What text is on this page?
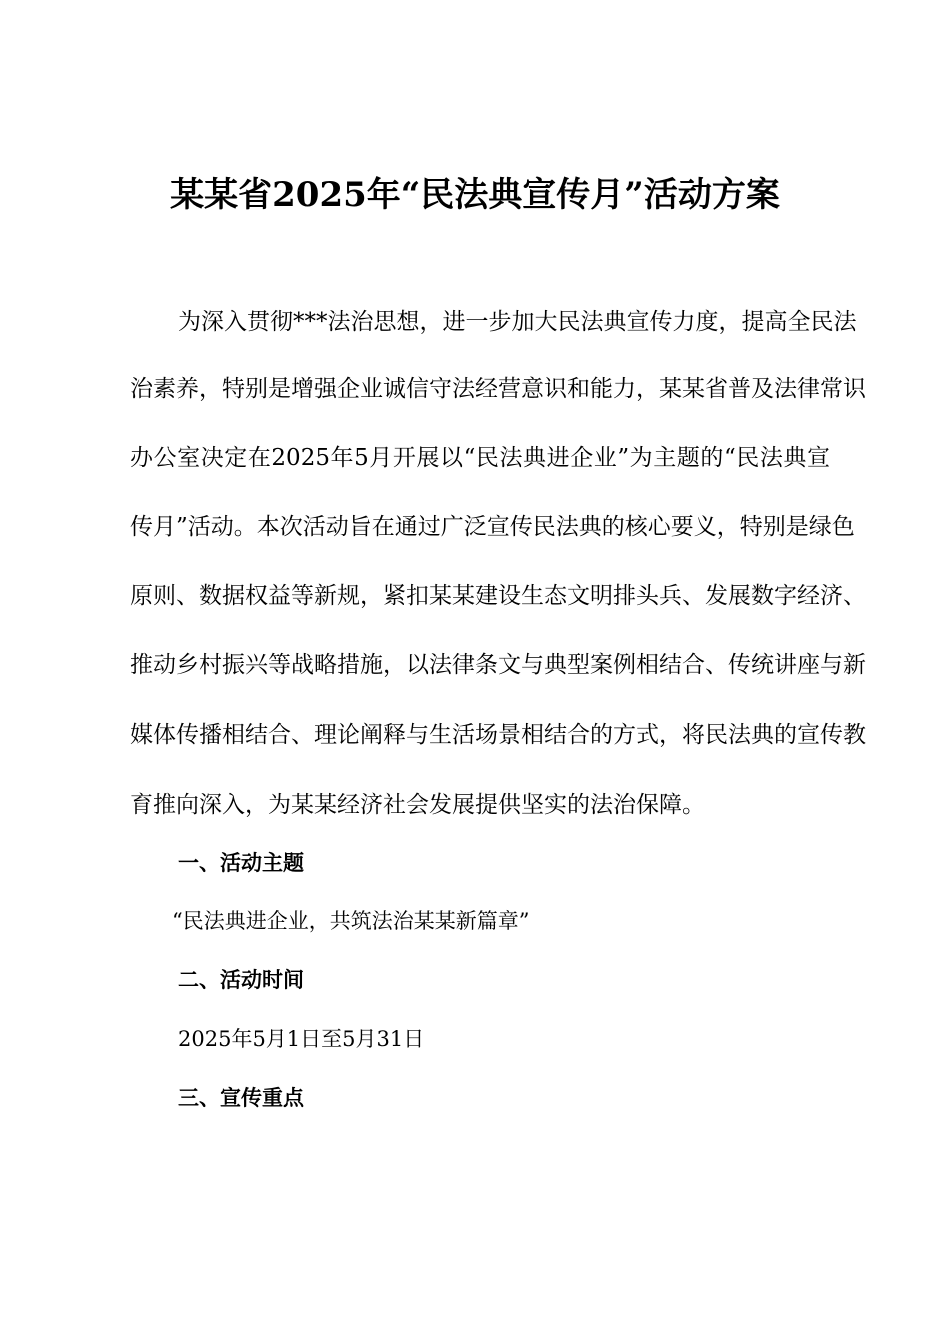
某某省2025年“民法典宣传月”活动方案
为深入贯彻***法治思想，进一步加大民法典宣传力度，提高全民法
治素养，特别是增强企业诚信守法经营意识和能力，某某省普及法律常识
办公室决定在2025年5月开展以“民法典进企业”为主题的“民法典宣
传月”活动。本次活动旨在通过广泛宣传民法典的核心要义，特别是绿色
原则、数据权益等新规，紧扣某某建设生态文明排头兵、发展数字经济、
推动乡村振兴等战略措施，以法律条文与典型案例相结合、传统讲座与新
媒体传播相结合、理论阐释与生活场景相结合的方式，将民法典的宣传教
育推向深入，为某某经济社会发展提供坚实的法治保障。
一、活动主题
“民法典进企业，共筑法治某某新篇章”
二、活动时间
2025年5月1日至5月31日
三、宣传重点
